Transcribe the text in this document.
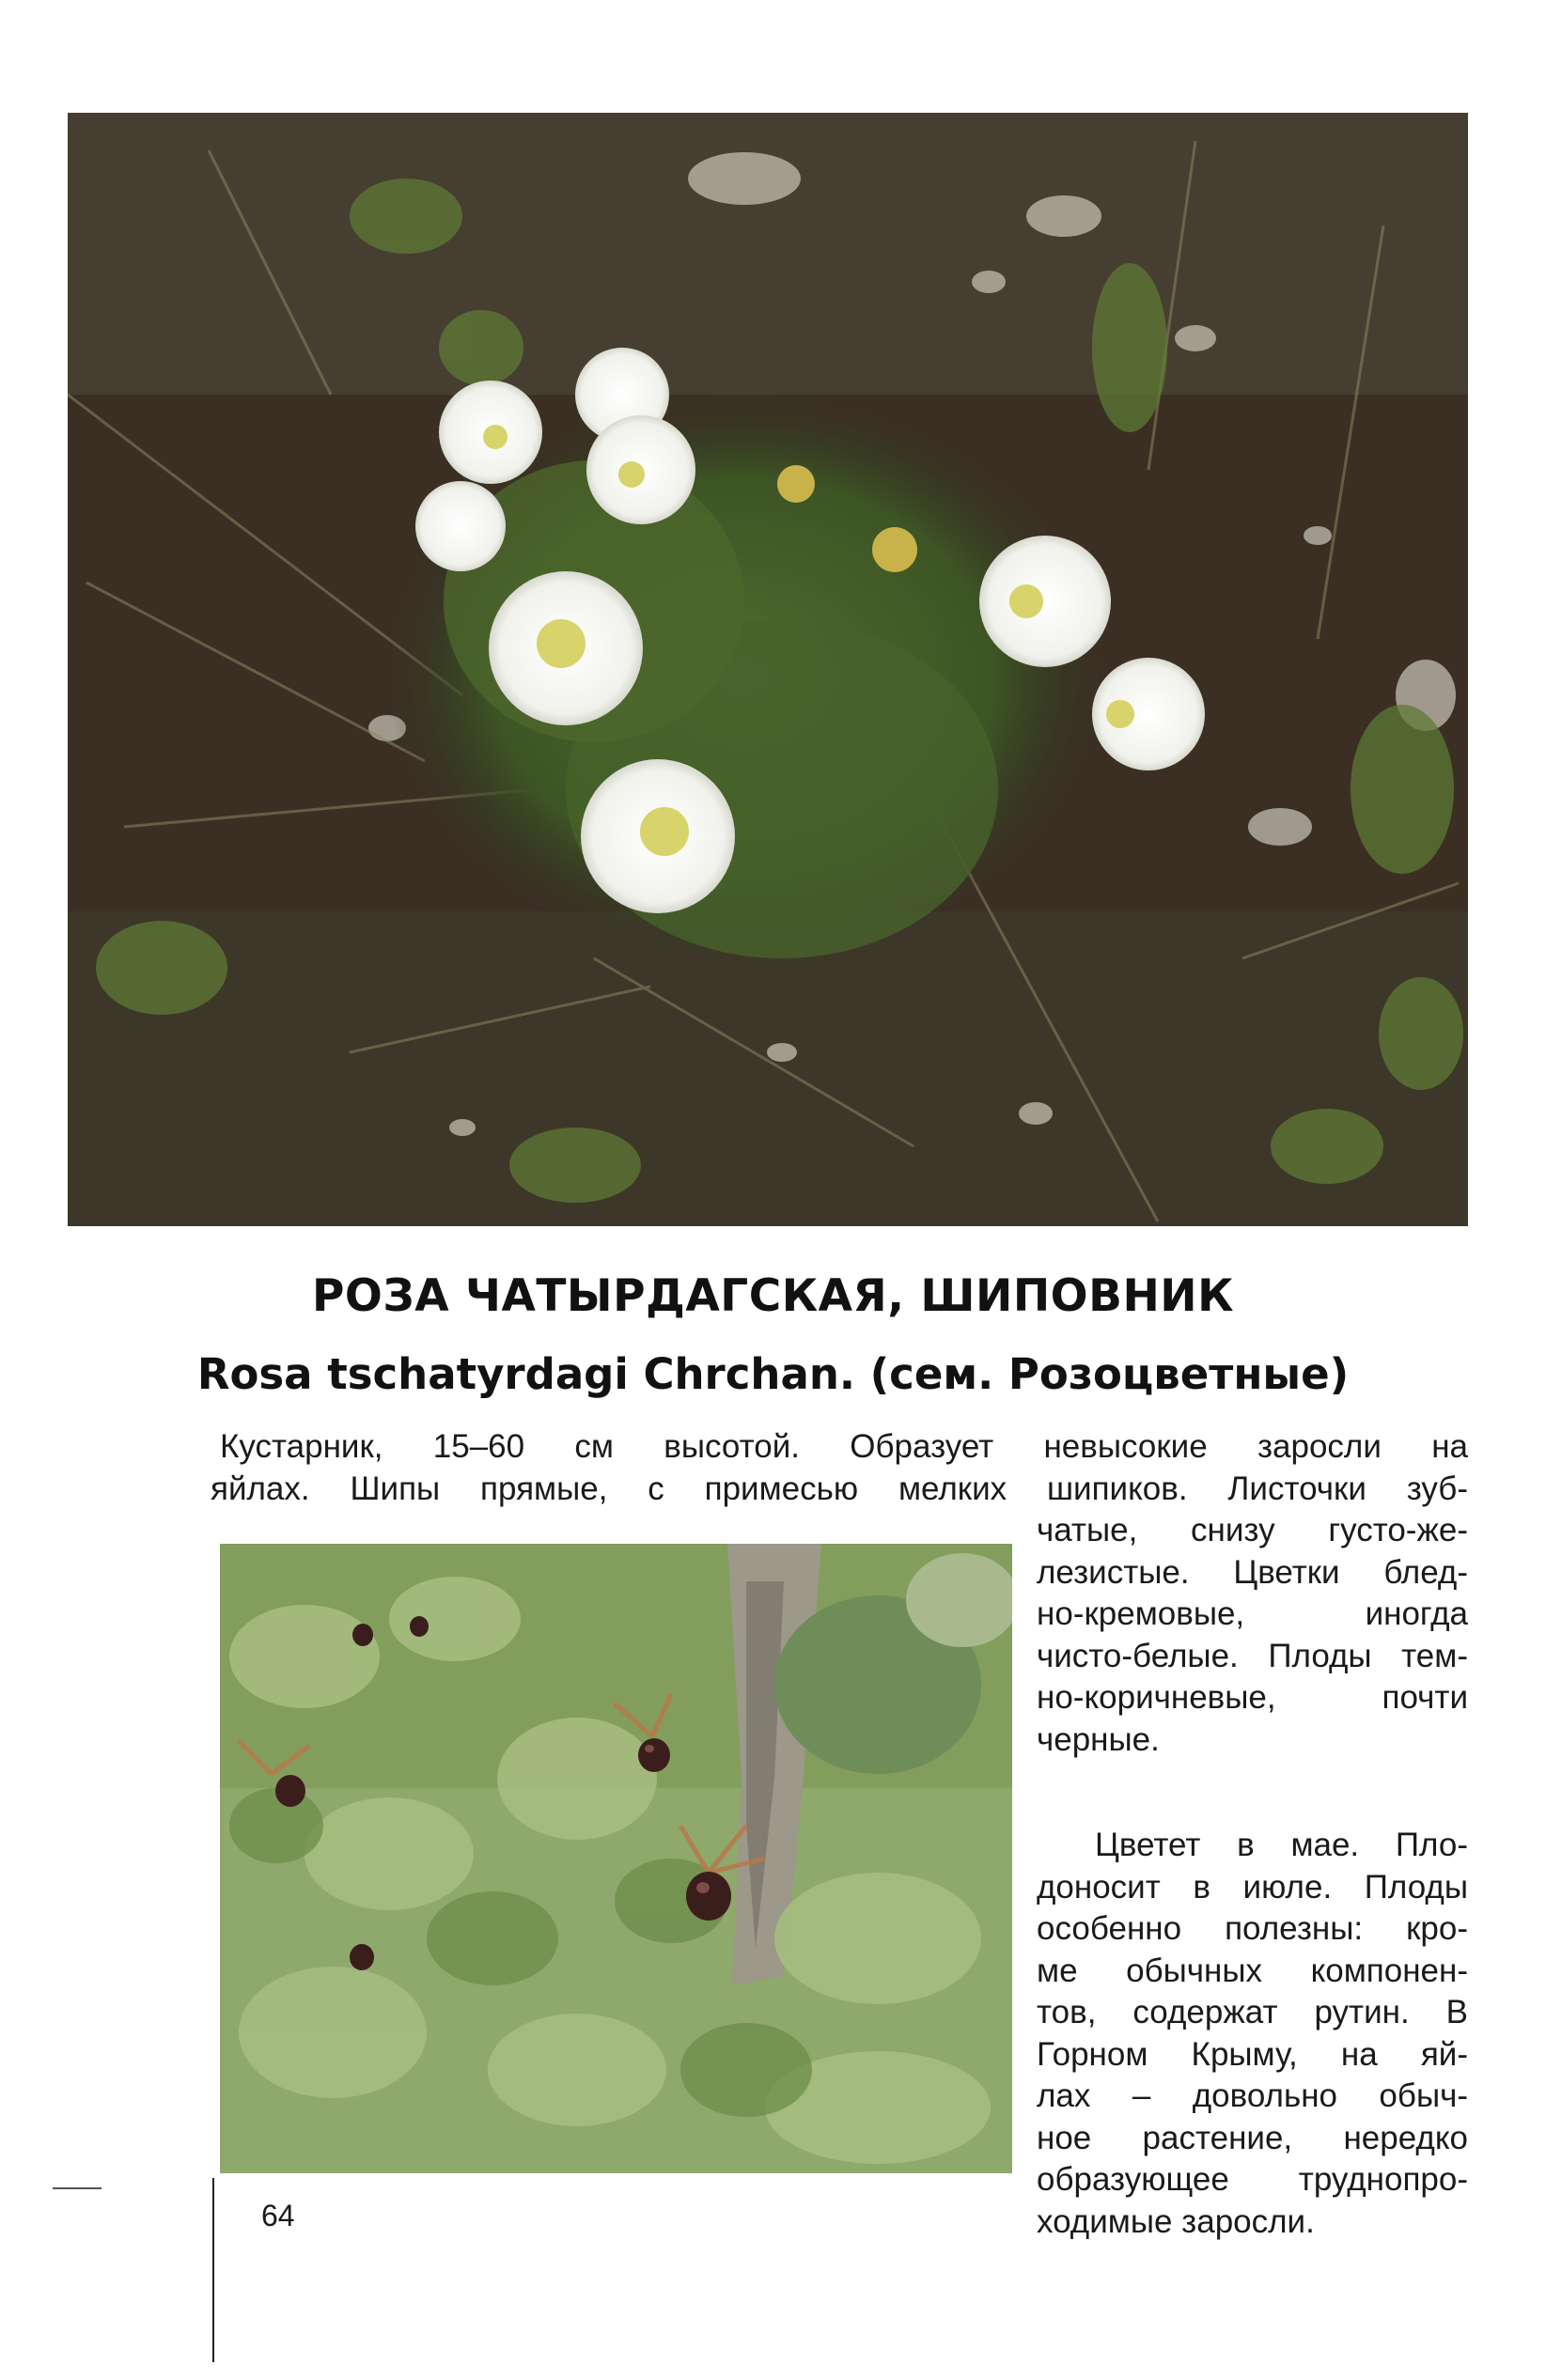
РОЗА ЧАТЫРДАГСКАЯ, ШИПОВНИК
Rosa tschatyrdagi Chrchan. (сем. Розоцветные)
Кустарник, 15–60 см высотой. Образует невысокие заросли на
яйлах. Шипы прямые, с примесью мелких шипиков. Листочки зуб-
чатые, снизу густо-же-
лезистые. Цветки блед-
но-кремовые, иногда
чисто-белые. Плоды тем-
но-коричневые, почти
черные.
Цветет в мае. Пло-
доносит в июле. Плоды
особенно полезны: кро-
ме обычных компонен-
тов, содержат рутин. В
Горном Крыму, на яй-
лах – довольно обыч-
ное растение, нередко
образующее труднопро-
ходимые заросли.
64
